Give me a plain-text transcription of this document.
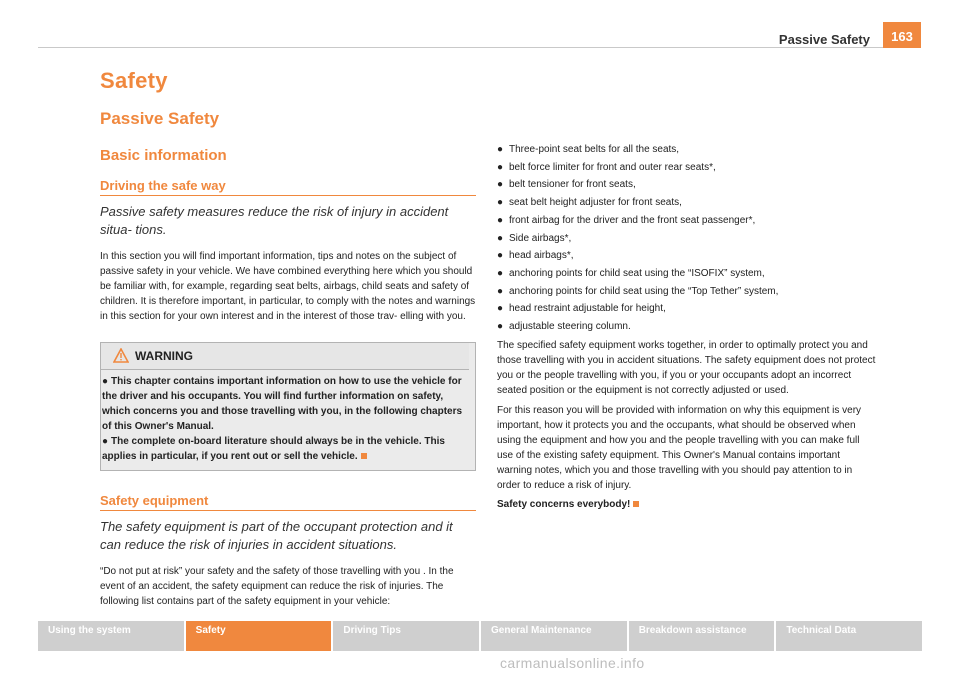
Passive Safety	163
Safety
Passive Safety
Basic information
Driving the safe way
Passive safety measures reduce the risk of injury in accident situa- tions.
In this section you will find important information, tips and notes on the subject of passive safety in your vehicle. We have combined everything here which you should be familiar with, for example, regarding seat belts, airbags, child seats and safety of children. It is therefore important, in particular, to comply with the notes and warnings in this section for your own interest and in the interest of those trav- elling with you.
WARNING

● This chapter contains important information on how to use the vehicle for the driver and his occupants. You will find further information on safety, which concerns you and those travelling with you, in the following chapters of this Owner's Manual.

● The complete on-board literature should always be in the vehicle. This applies in particular, if you rent out or sell the vehicle.

Safety equipment
The safety equipment is part of the occupant protection and it can reduce the risk of injuries in accident situations.
“Do not put at risk” your safety and the safety of those travelling with you . In the event of an accident, the safety equipment can reduce the risk of injuries. The following list contains part of the safety equipment in your vehicle:
● Three-point seat belts for all the seats,
● belt force limiter for front and outer rear seats*,
● belt tensioner for front seats,
● seat belt height adjuster for front seats,
● front airbag for the driver and the front seat passenger*,
● Side airbags*,
● head airbags*,
● anchoring points for child seat using the “ISOFIX” system,
● anchoring points for child seat using the “Top Tether” system,
● head restraint adjustable for height,
● adjustable steering column.

The specified safety equipment works together, in order to optimally protect you and those travelling with you in accident situations. The safety equipment does not protect you or the people travelling with you, if you or your occupants adopt an incorrect seated position or the equipment is not correctly adjusted or used.

For this reason you will be provided with information on why this equipment is very important, how it protects you and the occupants, what should be observed when using the equipment and how you and the people travelling with you can make full use of the existing safety equipment. This Owner's Manual contains important warning notes, which you and those travelling with you should pay attention to in order to reduce a risk of injury.

Safety concerns everybody!

Using the system	Safety	Driving Tips	General Maintenance	Breakdown assistance	Technical Data
carmanualsonline.info
